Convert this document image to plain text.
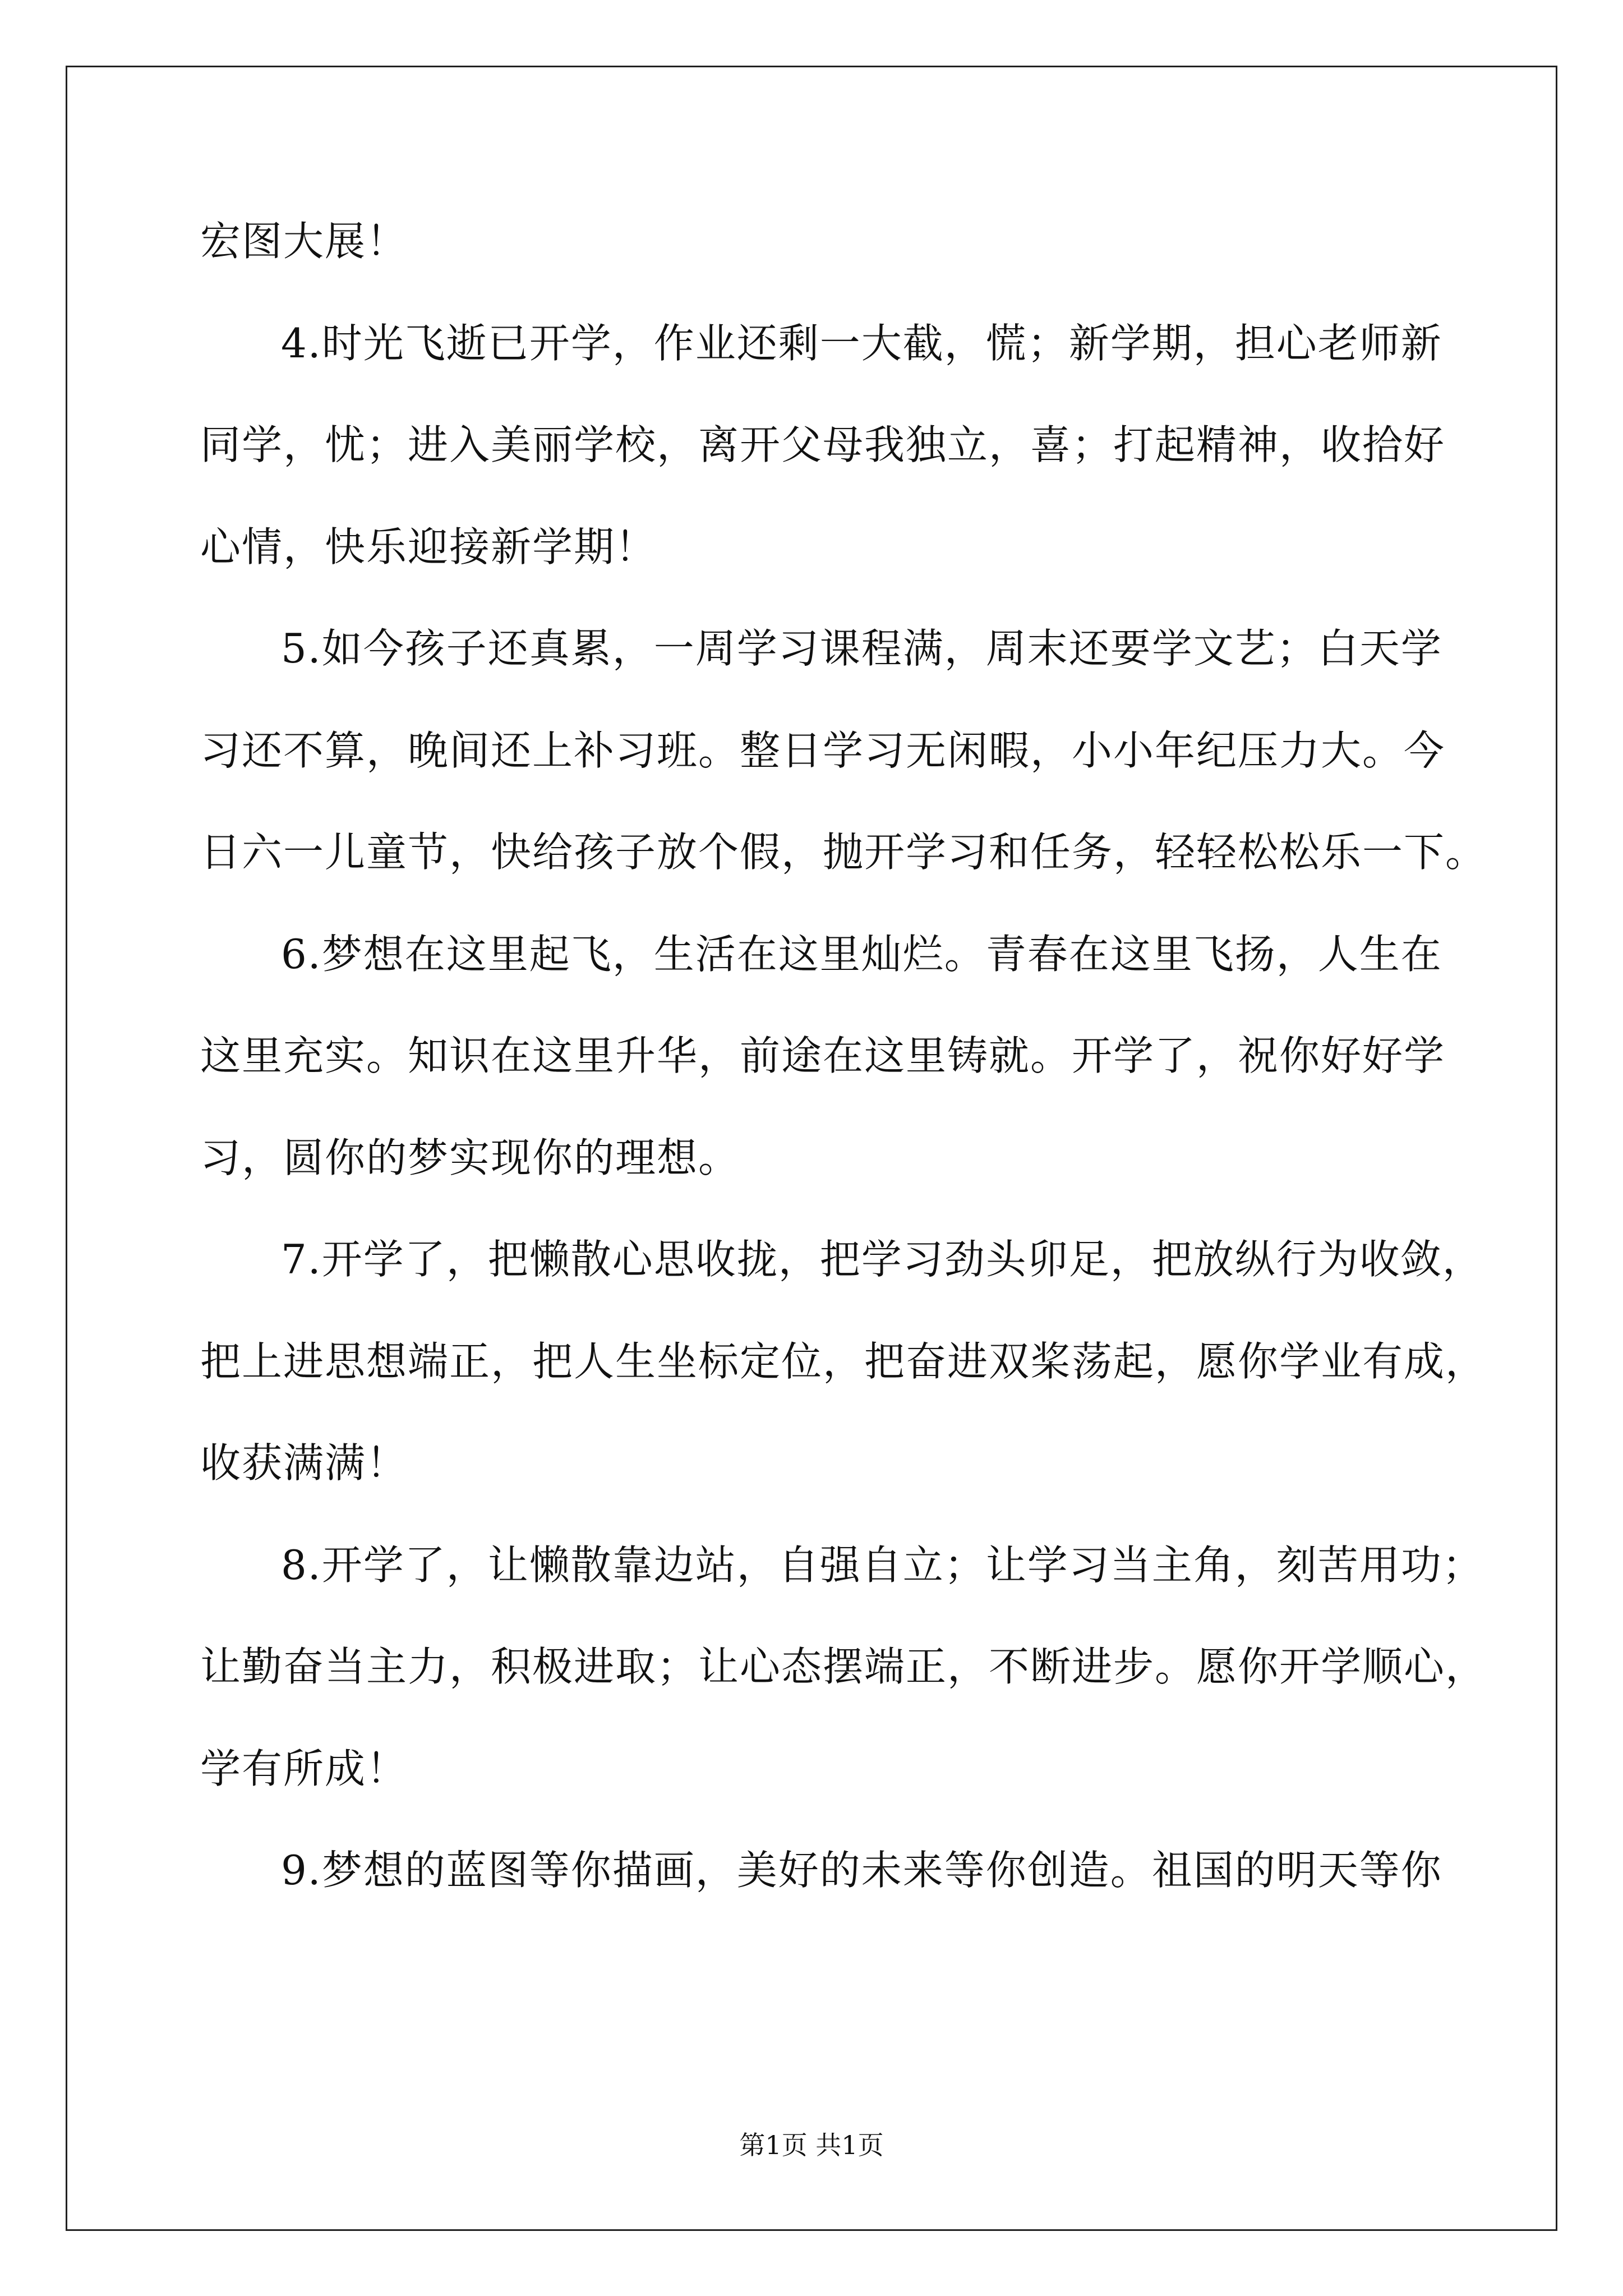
宏图大展！
4.时光飞逝已开学，作业还剩一大截，慌；新学期，担心老师新
同学，忧；进入美丽学校，离开父母我独立，喜；打起精神，收拾好
心情，快乐迎接新学期！
5.如今孩子还真累，一周学习课程满，周末还要学文艺；白天学
习还不算，晚间还上补习班。整日学习无闲暇，小小年纪压力大。今
日六一儿童节，快给孩子放个假，抛开学习和任务，轻轻松松乐一下。
6.梦想在这里起飞，生活在这里灿烂。青春在这里飞扬，人生在
这里充实。知识在这里升华，前途在这里铸就。开学了，祝你好好学
习，圆你的梦实现你的理想。
7.开学了，把懒散心思收拢，把学习劲头卯足，把放纵行为收敛，
把上进思想端正，把人生坐标定位，把奋进双桨荡起，愿你学业有成，
收获满满！
8.开学了，让懒散靠边站，自强自立；让学习当主角，刻苦用功；
让勤奋当主力，积极进取；让心态摆端正，不断进步。愿你开学顺心，
学有所成！
9.梦想的蓝图等你描画，美好的未来等你创造。祖国的明天等你
第1页 共1页
